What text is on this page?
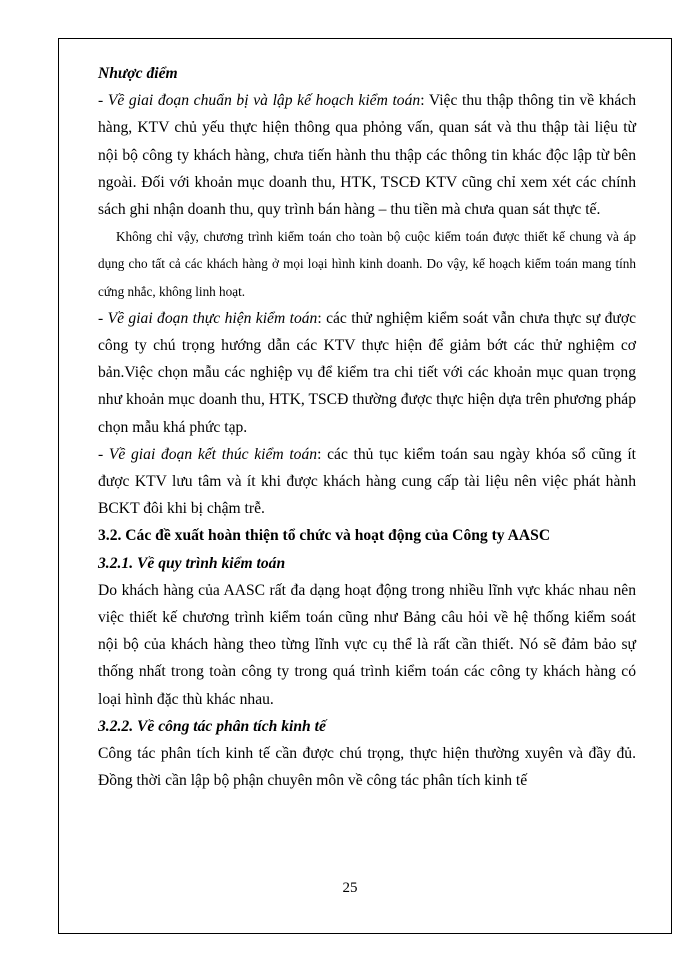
Nhược điểm

- Về giai đoạn chuẩn bị và lập kế hoạch kiểm toán: Việc thu thập thông tin về khách hàng, KTV chủ yếu thực hiện thông qua phỏng vấn, quan sát và thu thập tài liệu từ nội bộ công ty khách hàng, chưa tiến hành thu thập các thông tin khác độc lập từ bên ngoài. Đối với khoản mục doanh thu, HTK, TSCĐ KTV cũng chỉ xem xét các chính sách ghi nhận doanh thu, quy trình bán hàng – thu tiền mà chưa quan sát thực tế.

Không chỉ vậy, chương trình kiểm toán cho toàn bộ cuộc kiểm toán được thiết kế chung và áp dụng cho tất cả các khách hàng ở mọi loại hình kinh doanh. Do vậy, kế hoạch kiểm toán mang tính cứng nhắc, không linh hoạt.

- Về giai đoạn thực hiện kiểm toán: các thử nghiệm kiểm soát vẫn chưa thực sự được công ty chú trọng hướng dẫn các KTV thực hiện để giảm bớt các thử nghiệm cơ bản.Việc chọn mẫu các nghiệp vụ để kiểm tra chi tiết với các khoản mục quan trọng như khoản mục doanh thu, HTK, TSCĐ thường được thực hiện dựa trên phương pháp chọn mẫu khá phức tạp.

- Về giai đoạn kết thúc kiểm toán: các thủ tục kiểm toán sau ngày khóa sổ cũng ít được KTV lưu tâm và ít khi được khách hàng cung cấp tài liệu nên việc phát hành BCKT đôi khi bị chậm trễ.

3.2. Các đề xuất hoàn thiện tổ chức và hoạt động của Công ty AASC

3.2.1. Về quy trình kiểm toán

Do khách hàng của AASC rất đa dạng hoạt động trong nhiều lĩnh vực khác nhau nên việc thiết kế chương trình kiểm toán cũng như Bảng câu hỏi về hệ thống kiểm soát nội bộ của khách hàng theo từng lĩnh vực cụ thể là rất cần thiết. Nó sẽ đảm bảo sự thống nhất trong toàn công ty trong quá trình kiểm toán các công ty khách hàng có loại hình đặc thù khác nhau.

3.2.2. Về công tác phân tích kinh tế

Công tác phân tích kinh tế cần được chú trọng, thực hiện thường xuyên và đầy đủ. Đồng thời cần lập bộ phận chuyên môn về công tác phân tích kinh tế

25
